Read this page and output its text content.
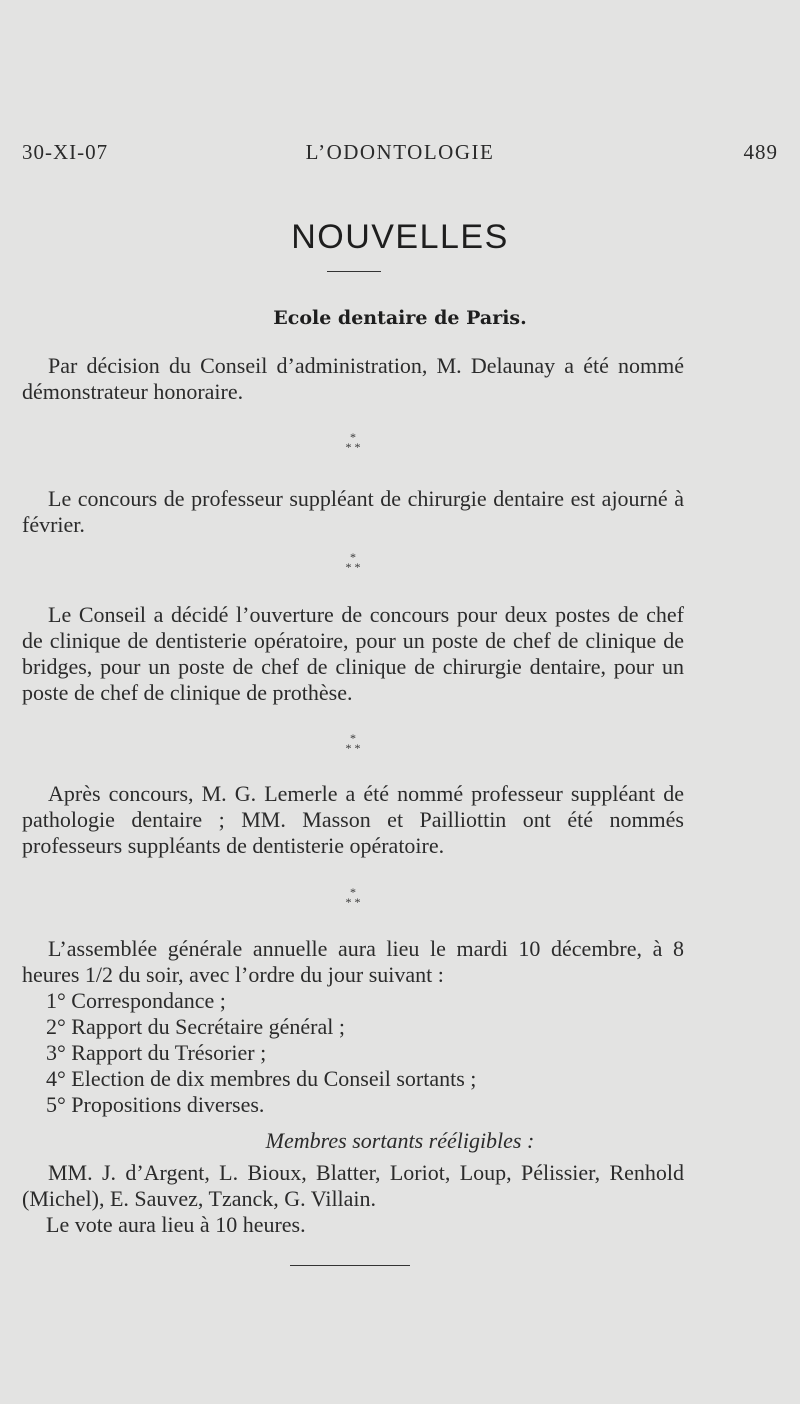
30-XI-07	L’ODONTOLOGIE	489
NOUVELLES
Ecole dentaire de Paris.

Par décision du Conseil d’administration, M. Delaunay a été nommé démonstrateur honoraire.

*
* *

Le concours de professeur suppléant de chirurgie dentaire est ajourné à février.

*
* *

Le Conseil a décidé l’ouverture de concours pour deux postes de chef de clinique de dentisterie opératoire, pour un poste de chef de clinique de bridges, pour un poste de chef de clinique de chirurgie dentaire, pour un poste de chef de clinique de prothèse.

*
* *

Après concours, M. G. Lemerle a été nommé professeur suppléant de pathologie dentaire ; MM. Masson et Pailliottin ont été nommés professeurs suppléants de dentisterie opératoire.

*
* *

L’assemblée générale annuelle aura lieu le mardi 10 décembre, à 8 heures 1/2 du soir, avec l’ordre du jour suivant :

1° Correspondance ;
2° Rapport du Secrétaire général ;
3° Rapport du Trésorier ;
4° Election de dix membres du Conseil sortants ;
5° Propositions diverses.
Membres sortants rééligibles :

MM. J. d’Argent, L. Bioux, Blatter, Loriot, Loup, Pélissier, Renhold (Michel), E. Sauvez, Tzanck, G. Villain.

Le vote aura lieu à 10 heures.
